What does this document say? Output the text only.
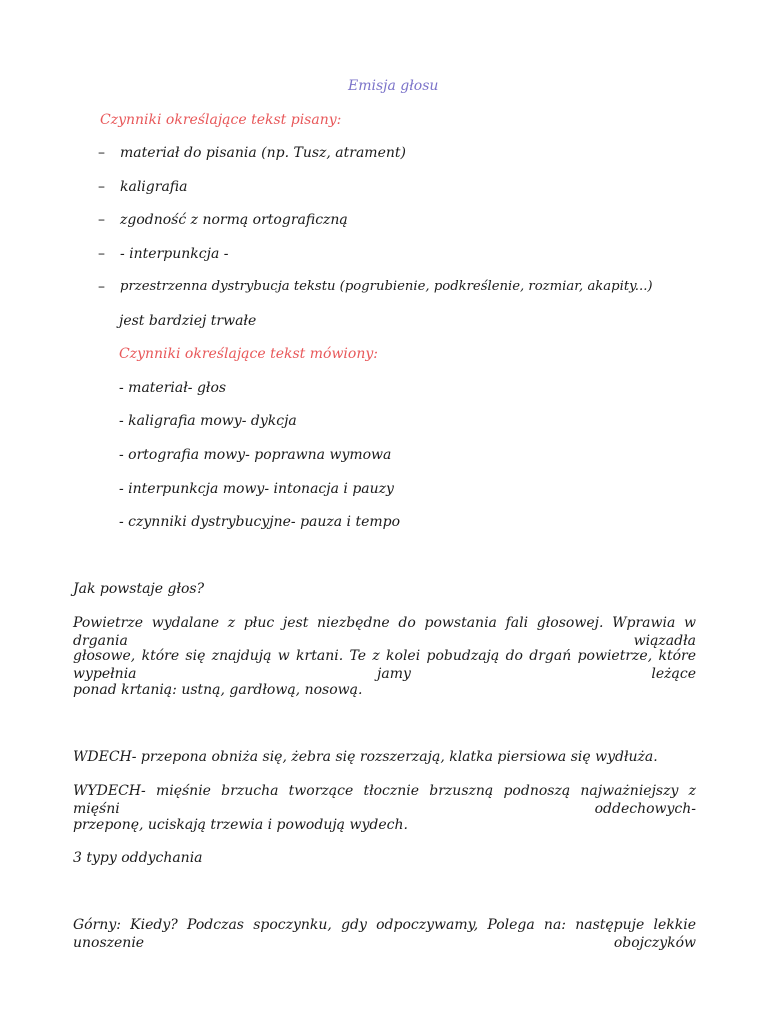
Emisja głosu
Czynniki określające tekst pisany:
– materiał do pisania (np. Tusz, atrament)
– kaligrafia
– zgodność z normą ortograficzną
– - interpunkcja -
– przestrzenna dystrybucja tekstu (pogrubienie, podkreślenie, rozmiar, akapity...)
jest bardziej trwałe
Czynniki określające tekst mówiony:
- materiał- głos
- kaligrafia mowy- dykcja
- ortografia mowy- poprawna wymowa
- interpunkcja mowy- intonacja i pauzy
- czynniki dystrybucyjne- pauza i tempo
Jak powstaje głos?
Powietrze wydalane z płuc jest niezbędne do powstania fali głosowej. Wprawia w drgania wiązadła
głosowe, które się znajdują w krtani. Te z kolei pobudzają do drgań powietrze, które wypełnia jamy leżące
ponad krtanią: ustną, gardłową, nosową.
WDECH- przepona obniża się, żebra się rozszerzają, klatka piersiowa się wydłuża.
WYDECH- mięśnie brzucha tworzące tłocznie brzuszną podnoszą najważniejszy z mięśni oddechowych-
przeponę, uciskają trzewia i powodują wydech.
3 typy oddychania
Górny: Kiedy? Podczas spoczynku, gdy odpoczywamy, Polega na: następuje lekkie unoszenie obojczyków
